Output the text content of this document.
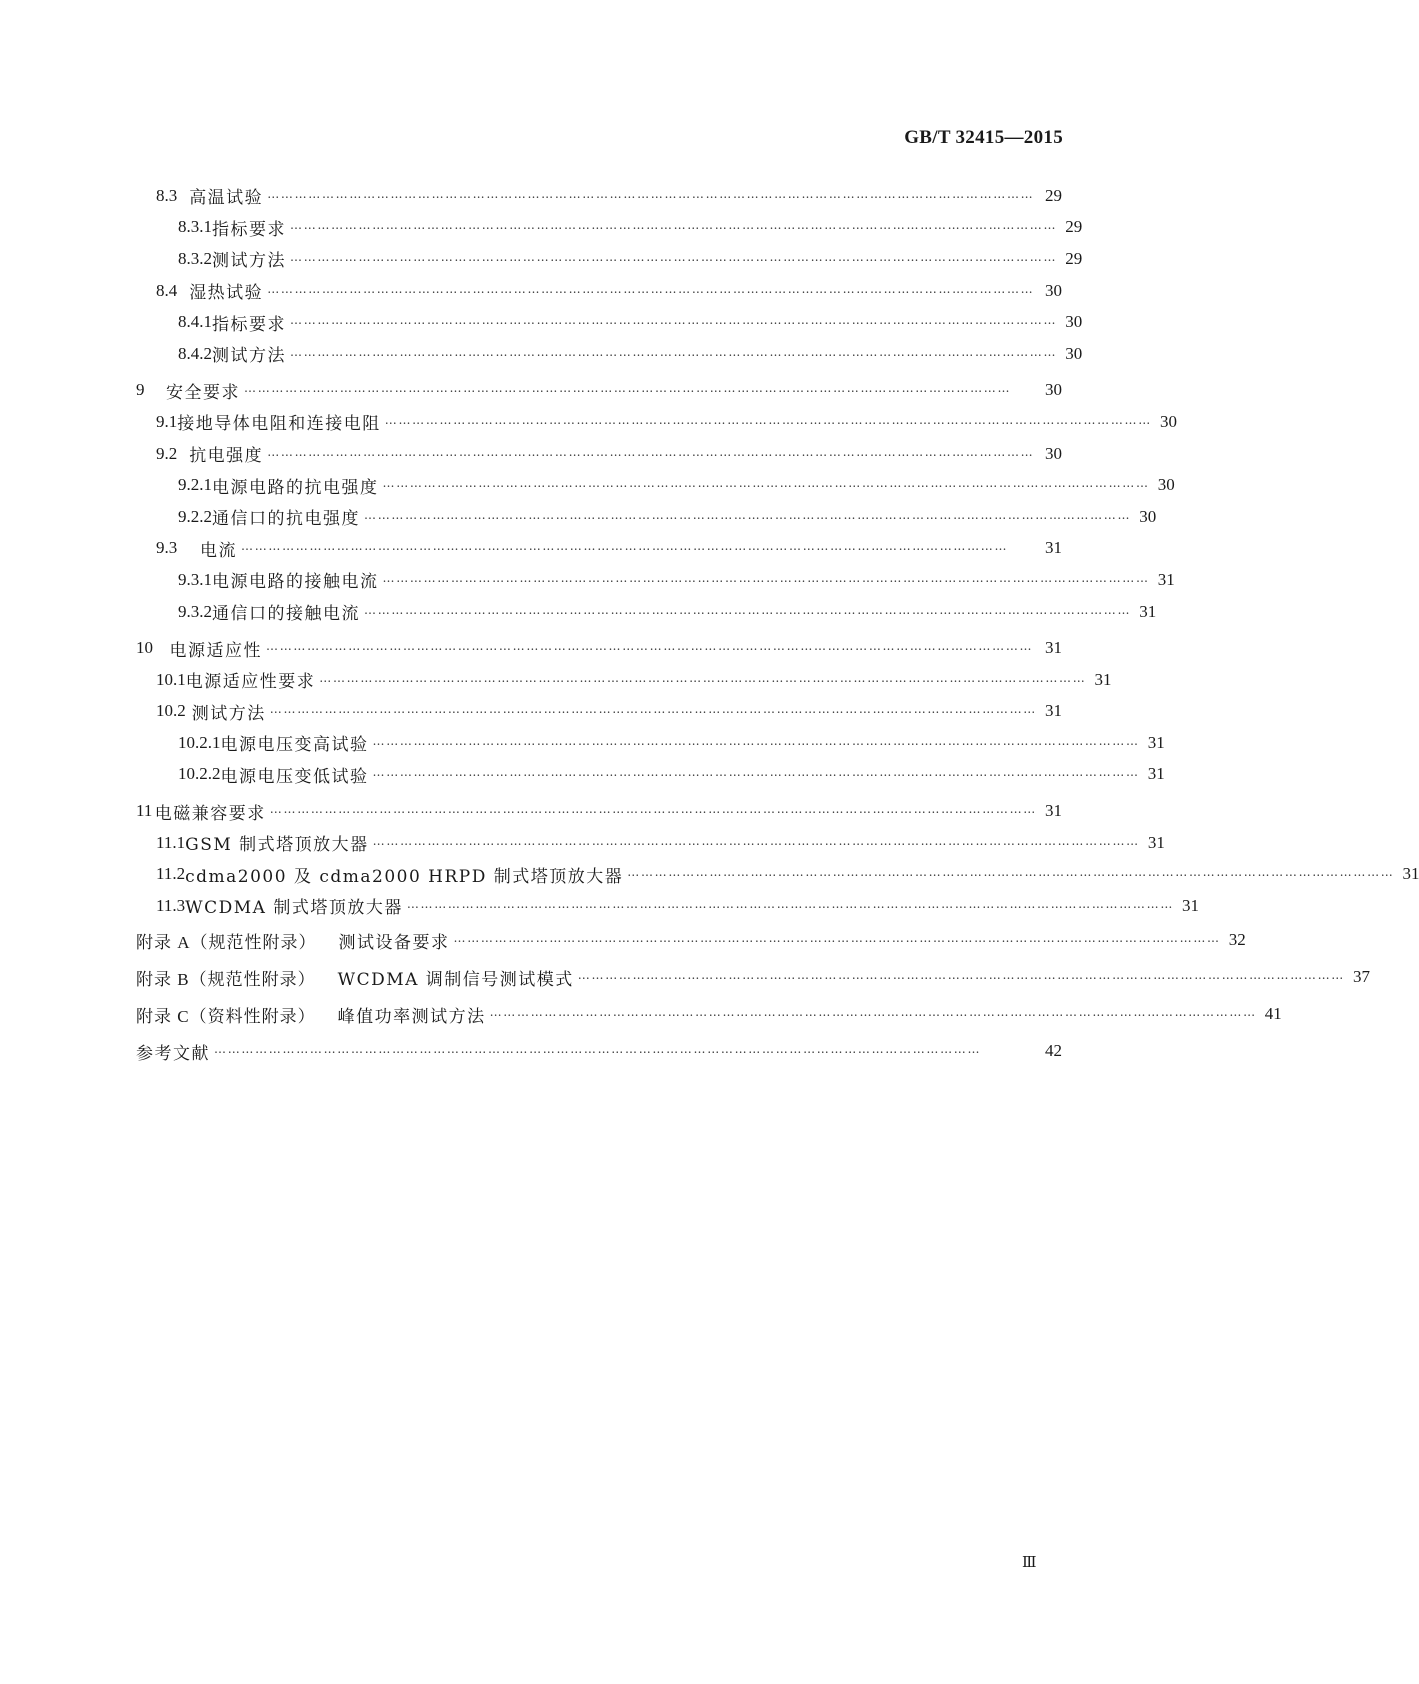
GB/T 32415—2015
8.3 高温试验 …………………………………………………………………………………………………………………………………………………… 29
8.3.1 指标要求 …………………………………………………………………………………………………………………………………………………… 29
8.3.2 测试方法 …………………………………………………………………………………………………………………………………………………… 29
8.4 湿热试验 …………………………………………………………………………………………………………………………………………………… 30
8.4.1 指标要求 …………………………………………………………………………………………………………………………………………………… 30
8.4.2 测试方法 …………………………………………………………………………………………………………………………………………………… 30
9	安全要求 ……………………………………………………………………………………………………………………………………………………	30
9.1 接地导体电阻和连接电阻 …………………………………………………………………………………………………………………………………………………… 30
9.2 抗电强度 …………………………………………………………………………………………………………………………………………………… 30
9.2.1 电源电路的抗电强度 …………………………………………………………………………………………………………………………………………………… 30
9.2.2 通信口的抗电强度 …………………………………………………………………………………………………………………………………………………… 30
9.3	电流 ……………………………………………………………………………………………………………………………………………………	31
9.3.1 电源电路的接触电流 …………………………………………………………………………………………………………………………………………………… 31
9.3.2 通信口的接触电流 …………………………………………………………………………………………………………………………………………………… 31
10 电源适应性 …………………………………………………………………………………………………………………………………………………… 31
10.1 电源适应性要求 …………………………………………………………………………………………………………………………………………………… 31
10.2 测试方法 …………………………………………………………………………………………………………………………………………………… 31
10.2.1 电源电压变高试验 …………………………………………………………………………………………………………………………………………………… 31
10.2.2 电源电压变低试验 …………………………………………………………………………………………………………………………………………………… 31
11 电磁兼容要求 …………………………………………………………………………………………………………………………………………………… 31
11.1 GSM 制式塔顶放大器 …………………………………………………………………………………………………………………………………………………… 31
11.2 cdma2000 及 cdma2000 HRPD 制式塔顶放大器 …………………………………………………………………………………………………………………………………………………… 31
11.3 WCDMA 制式塔顶放大器 …………………………………………………………………………………………………………………………………………………… 31
附录 A（规范性附录） 测试设备要求 …………………………………………………………………………………………………………………………………………………… 32
附录 B（规范性附录） WCDMA 调制信号测试模式 …………………………………………………………………………………………………………………………………………………… 37
附录 C（资料性附录） 峰值功率测试方法 …………………………………………………………………………………………………………………………………………………… 41
参考文献 ……………………………………………………………………………………………………………………………………………………	42
Ⅲ
